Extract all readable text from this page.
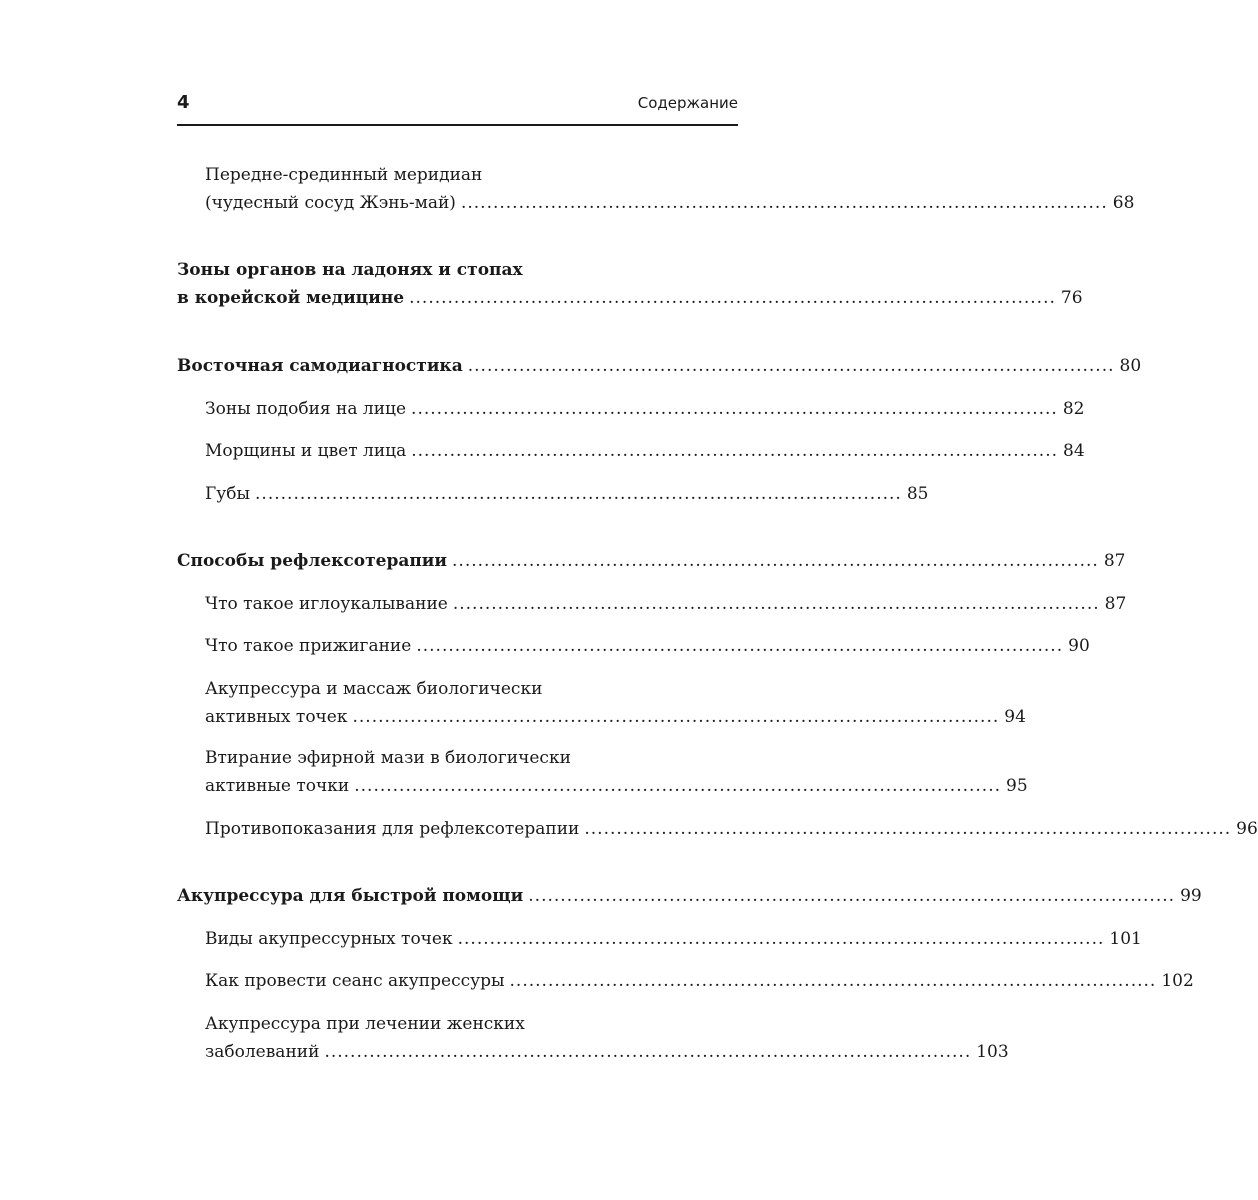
4	Содержание
Передне-срединный меридиан
(чудесный сосуд Жэнь-май) ..................................................................................................... 68
Зоны органов на ладонях и стопах
в корейской медицине ..................................................................................................... 76
Восточная самодиагностика ..................................................................................................... 80
Зоны подобия на лице ..................................................................................................... 82
Морщины и цвет лица ..................................................................................................... 84
Губы ..................................................................................................... 85
Способы рефлексотерапии ..................................................................................................... 87
Что такое иглоукалывание ..................................................................................................... 87
Что такое прижигание ..................................................................................................... 90
Акупрессура и массаж биологически
активных точек ..................................................................................................... 94
Втирание эфирной мази в биологически
активные точки ..................................................................................................... 95
Противопоказания для рефлексотерапии ..................................................................................................... 96
Акупрессура для быстрой помощи ..................................................................................................... 99
Виды акупрессурных точек ..................................................................................................... 101
Как провести сеанс акупрессуры ..................................................................................................... 102
Акупрессура при лечении женских
заболеваний ..................................................................................................... 103
